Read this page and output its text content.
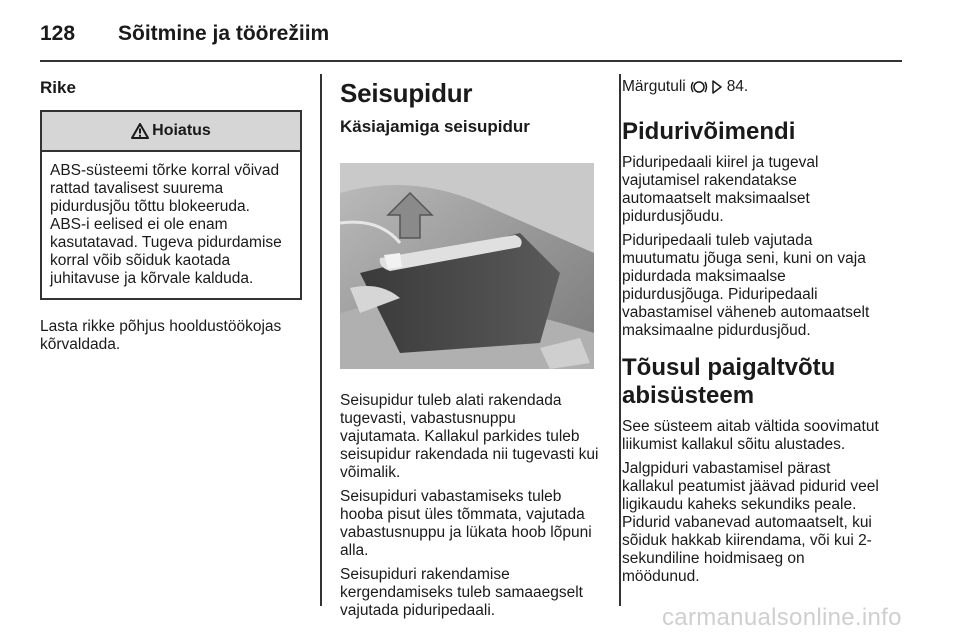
128 Sõitmine ja töörežiim
Rike
Hoiatus
ABS-süsteemi tõrke korral võivad
rattad tavalisest suurema
pidurdusjõu tõttu blokeeruda.
ABS-i eelised ei ole enam
kasutatavad. Tugeva pidurdamise
korral võib sõiduk kaotada
juhitavuse ja kõrvale kalduda.

Lasta rikke põhjus hooldustöökojas
kõrvaldada.

Seisupidur
Käsiajamiga seisupidur

Seisupidur tuleb alati rakendada
tugevasti, vabastusnuppu
vajutamata. Kallakul parkides tuleb
seisupidur rakendada nii tugevasti kui
võimalik.

Seisupiduri vabastamiseks tuleb
hooba pisut üles tõmmata, vajutada
vabastusnuppu ja lükata hoob lõpuni
alla.

Seisupiduri rakendamise
kergendamiseks tuleb samaaegselt
vajutada piduripedaali.

Märgutuli	84.

Pidurivõimendi

Piduripedaali kiirel ja tugeval
vajutamisel rakendatakse
automaatselt maksimaalset
pidurdusjõudu.

Piduripedaali tuleb vajutada
muutumatu jõuga seni, kuni on vaja
pidurdada maksimaalse
pidurdusjõuga. Piduripedaali
vabastamisel väheneb automaatselt
maksimaalne pidurdusjõud.

Tõusul paigaltvõtu
abisüsteem

See süsteem aitab vältida soovimatut
liikumist kallakul sõitu alustades.

Jalgpiduri vabastamisel pärast
kallakul peatumist jäävad pidurid veel
ligikaudu kaheks sekundiks peale.
Pidurid vabanevad automaatselt, kui
sõiduk hakkab kiirendama, või kui 2-
sekundiline hoidmisaeg on
möödunud.

carmanualsonline.info
